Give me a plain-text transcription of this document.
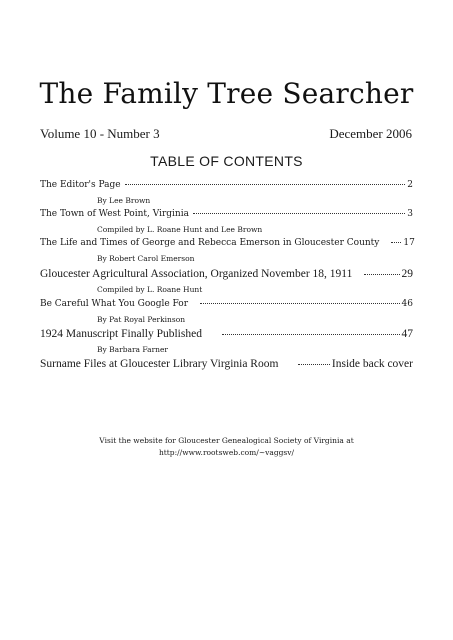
The Family Tree Searcher
Volume 10 - Number 3	December 2006
TABLE OF CONTENTS
The Editor's Page	2
By Lee Brown
The Town of West Point, Virginia	3
Compiled by L. Roane Hunt and Lee Brown
The Life and Times of George and Rebecca Emerson in Gloucester County	17
By Robert Carol Emerson
Gloucester Agricultural Association, Organized November 18, 1911	29
Compiled by L. Roane Hunt
Be Careful What You Google For	46
By Pat Royal Perkinson
1924 Manuscript Finally Published	47
By Barbara Farner
Surname Files at Gloucester Library Virginia Room	Inside back cover
Visit the website for Gloucester Genealogical Society of Virginia at
http://www.rootsweb.com/~vaggsv/
